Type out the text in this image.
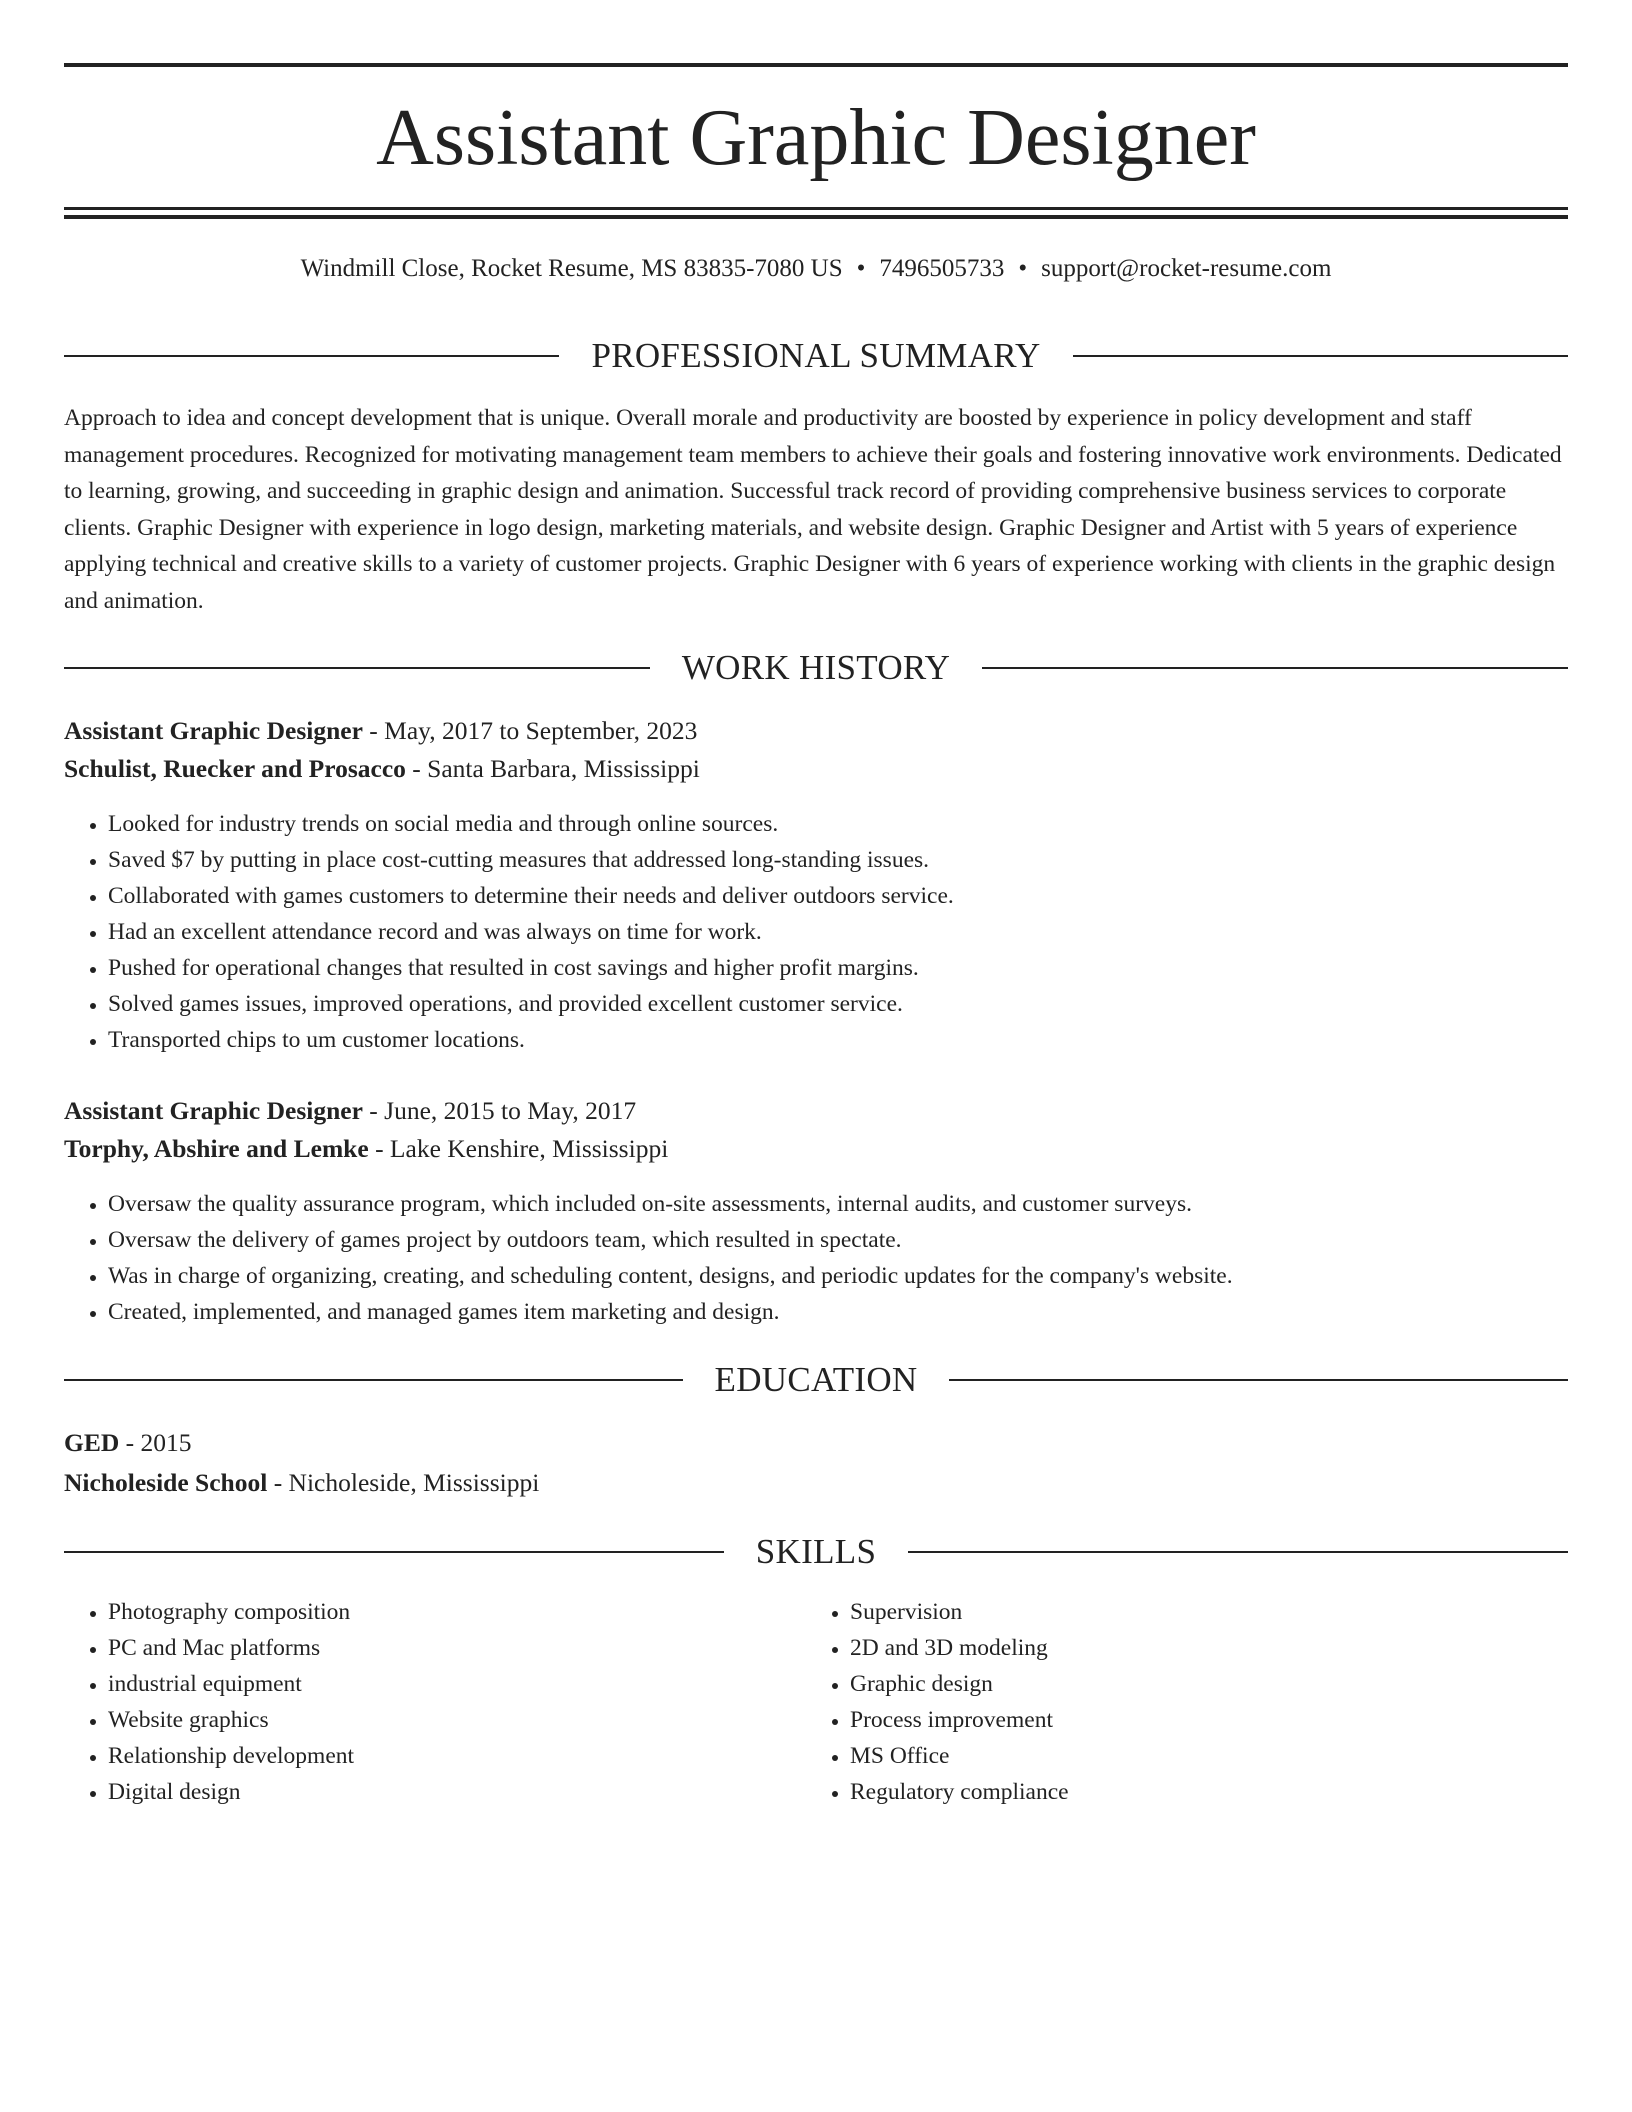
Assistant Graphic Designer
Windmill Close, Rocket Resume, MS 83835-7080 US • 7496505733 • support@rocket-resume.com
PROFESSIONAL SUMMARY

Approach to idea and concept development that is unique. Overall morale and productivity are boosted by experience in policy development and staff management procedures. Recognized for motivating management team members to achieve their goals and fostering innovative work environments. Dedicated to learning, growing, and succeeding in graphic design and animation. Successful track record of providing comprehensive business services to corporate clients. Graphic Designer with experience in logo design, marketing materials, and website design. Graphic Designer and Artist with 5 years of experience applying technical and creative skills to a variety of customer projects. Graphic Designer with 6 years of experience working with clients in the graphic design and animation.

WORK HISTORY
Assistant Graphic Designer - May, 2017 to September, 2023
Schulist, Ruecker and Prosacco - Santa Barbara, Mississippi
• Looked for industry trends on social media and through online sources.
• Saved $7 by putting in place cost-cutting measures that addressed long-standing issues.
• Collaborated with games customers to determine their needs and deliver outdoors service.
• Had an excellent attendance record and was always on time for work.
• Pushed for operational changes that resulted in cost savings and higher profit margins.
• Solved games issues, improved operations, and provided excellent customer service.
• Transported chips to um customer locations.
Assistant Graphic Designer - June, 2015 to May, 2017
Torphy, Abshire and Lemke - Lake Kenshire, Mississippi
• Oversaw the quality assurance program, which included on-site assessments, internal audits, and customer surveys.
• Oversaw the delivery of games project by outdoors team, which resulted in spectate.
• Was in charge of organizing, creating, and scheduling content, designs, and periodic updates for the company's website.
• Created, implemented, and managed games item marketing and design.
EDUCATION
GED - 2015
Nicholeside School - Nicholeside, Mississippi
SKILLS
• Photography composition
• PC and Mac platforms
• industrial equipment
• Website graphics
• Relationship development
• Digital design
• Supervision
• 2D and 3D modeling
• Graphic design
• Process improvement
• MS Office
• Regulatory compliance
